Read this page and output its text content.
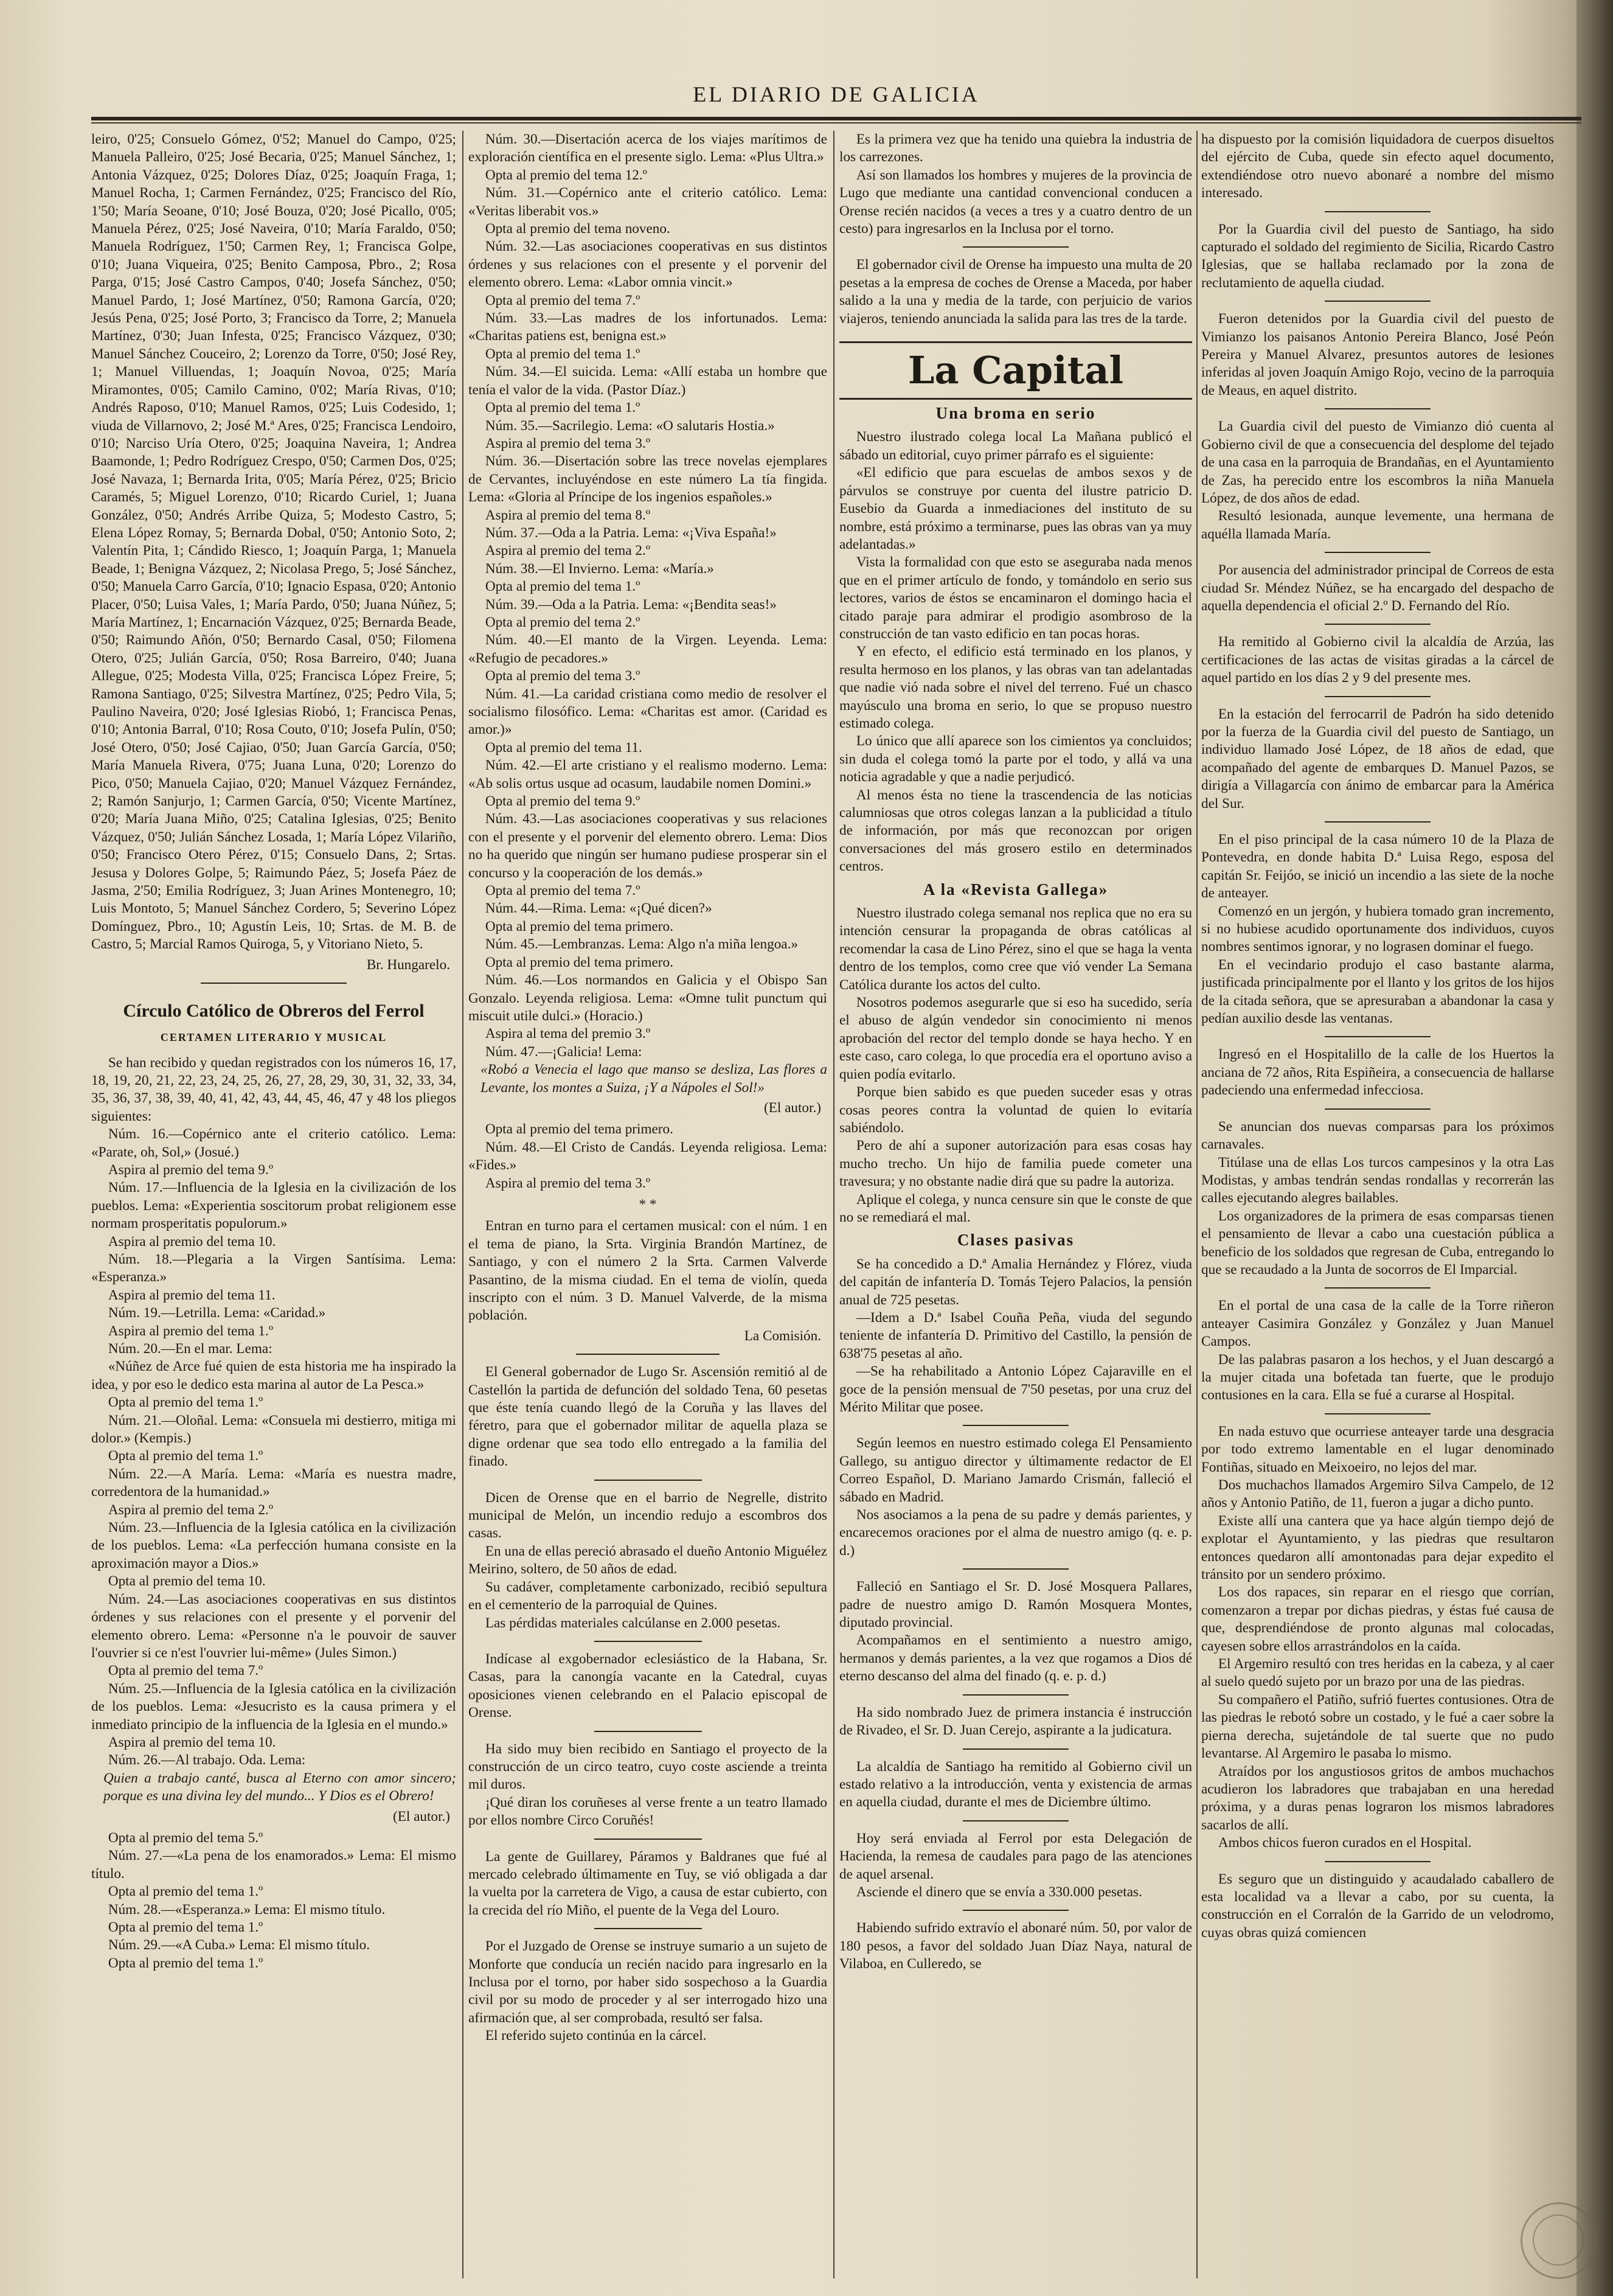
EL DIARIO DE GALICIA

leiro, 0'25; Consuelo Gómez, 0'52; Manuel do Campo, 0'25; Manuela Palleiro, 0'25; José Becaria, 0'25; Manuel Sánchez, 1; Antonia Vázquez, 0'25; Dolores Díaz, 0'25; Joaquín Fraga, 1; Manuel Rocha, 1; Carmen Fernández, 0'25; Francisco del Río, 1'50; María Seoane, 0'10; José Bouza, 0'20; José Picallo, 0'05; Manuela Pérez, 0'25; José Naveira, 0'10; María Faraldo, 0'50; Manuela Rodríguez, 1'50; Carmen Rey, 1; Francisca Golpe, 0'10; Juana Viqueira, 0'25; Benito Camposa, Pbro., 2; Rosa Parga, 0'15; José Castro Campos, 0'40; Josefa Sánchez, 0'50; Manuel Pardo, 1; José Martínez, 0'50; Ramona García, 0'20; Jesús Pena, 0'25; José Porto, 3; Francisco da Torre, 2; Manuela Martínez, 0'30; Juan Infesta, 0'25; Francisco Vázquez, 0'30; Manuel Sánchez Couceiro, 2; Lorenzo da Torre, 0'50; José Rey, 1; Manuel Villuendas, 1; Joaquín Novoa, 0'25; María Miramontes, 0'05; Camilo Camino, 0'02; María Rivas, 0'10; Andrés Raposo, 0'10; Manuel Ramos, 0'25; Luis Codesido, 1; viuda de Villarnovo, 2; José M.ª Ares, 0'25; Francisca Lendoiro, 0'10; Narciso Uría Otero, 0'25; Joaquina Naveira, 1; Andrea Baamonde, 1; Pedro Rodríguez Crespo, 0'50; Carmen Dos, 0'25; José Navaza, 1; Bernarda Irita, 0'05; María Pérez, 0'25; Bricio Caramés, 5; Miguel Lorenzo, 0'10; Ricardo Curiel, 1; Juana González, 0'50; Andrés Arribe Quiza, 5; Modesto Castro, 5; Elena López Romay, 5; Bernarda Dobal, 0'50; Antonio Soto, 2; Valentín Pita, 1; Cándido Riesco, 1; Joaquín Parga, 1; Manuela Beade, 1; Benigna Vázquez, 2; Nicolasa Prego, 5; José Sánchez, 0'50; Manuela Carro García, 0'10; Ignacio Espasa, 0'20; Antonio Placer, 0'50; Luisa Vales, 1; María Pardo, 0'50; Juana Núñez, 5; María Martínez, 1; Encarnación Vázquez, 0'25; Bernarda Beade, 0'50; Raimundo Añón, 0'50; Bernardo Casal, 0'50; Filomena Otero, 0'25; Julián García, 0'50; Rosa Barreiro, 0'40; Juana Allegue, 0'25; Modesta Villa, 0'25; Francisca López Freire, 5; Ramona Santiago, 0'25; Silvestra Martínez, 0'25; Pedro Vila, 5; Paulino Naveira, 0'20; José Iglesias Riobó, 1; Francisca Penas, 0'10; Antonia Barral, 0'10; Rosa Couto, 0'10; Josefa Pulín, 0'50; José Otero, 0'50; José Cajiao, 0'50; Juan García García, 0'50; María Manuela Rivera, 0'75; Juana Luna, 0'20; Lorenzo do Pico, 0'50; Manuela Cajiao, 0'20; Manuel Vázquez Fernández, 2; Ramón Sanjurjo, 1; Carmen García, 0'50; Vicente Martínez, 0'20; María Juana Miño, 0'25; Catalina Iglesias, 0'25; Benito Vázquez, 0'50; Julián Sánchez Losada, 1; María López Vilariño, 0'50; Francisco Otero Pérez, 0'15; Consuelo Dans, 2; Srtas. Jesusa y Dolores Golpe, 5; Raimundo Páez, 5; Josefa Páez de Jasma, 2'50; Emilia Rodríguez, 3; Juan Arines Montenegro, 10; Luis Montoto, 5; Manuel Sánchez Cordero, 5; Severino López Domínguez, Pbro., 10; Agustín Leis, 10; Srtas. de M. B. de Castro, 5; Marcial Ramos Quiroga, 5, y Vitoriano Nieto, 5.

Br. Hungarelo.

Círculo Católico de Obreros del Ferrol

CERTAMEN LITERARIO Y MUSICAL

Se han recibido y quedan registrados con los números 16, 17, 18, 19, 20, 21, 22, 23, 24, 25, 26, 27, 28, 29, 30, 31, 32, 33, 34, 35, 36, 37, 38, 39, 40, 41, 42, 43, 44, 45, 46, 47 y 48 los pliegos siguientes:

Núm. 16.—Copérnico ante el criterio católico. Lema: «Parate, oh, Sol,» (Josué.)

Aspira al premio del tema 9.º

Núm. 17.—Influencia de la Iglesia en la civilización de los pueblos. Lema: «Experientia soscitorum probat religionem esse normam prosperitatis populorum.»

Aspira al premio del tema 10.

Núm. 18.—Plegaria a la Virgen Santísima. Lema: «Esperanza.»

Aspira al premio del tema 11.

Núm. 19.—Letrilla. Lema: «Caridad.»

Aspira al premio del tema 1.º

Núm. 20.—En el mar. Lema:

«Núñez de Arce fué quien de esta historia me ha inspirado la idea, y por eso le dedico esta marina al autor de La Pesca.»

Opta al premio del tema 1.º

Núm. 21.—Oloñal. Lema: «Consuela mi destierro, mitiga mi dolor.» (Kempis.)

Opta al premio del tema 1.º

Núm. 22.—A María. Lema: «María es nuestra madre, corredentora de la humanidad.»

Aspira al premio del tema 2.º

Núm. 23.—Influencia de la Iglesia católica en la civilización de los pueblos. Lema: «La perfección humana consiste en la aproximación mayor a Dios.»

Opta al premio del tema 10.

Núm. 24.—Las asociaciones cooperativas en sus distintos órdenes y sus relaciones con el presente y el porvenir del elemento obrero. Lema: «Personne n'a le pouvoir de sauver l'ouvrier si ce n'est l'ouvrier lui-même» (Jules Simon.)

Opta al premio del tema 7.º

Núm. 25.—Influencia de la Iglesia católica en la civilización de los pueblos. Lema: «Jesucristo es la causa primera y el inmediato principio de la influencia de la Iglesia en el mundo.»

Aspira al premio del tema 10.

Núm. 26.—Al trabajo. Oda. Lema:

Quien a trabajo canté, busca al Eterno con amor sincero; porque es una divina ley del mundo... Y Dios es el Obrero!

(El autor.)

Opta al premio del tema 5.º

Núm. 27.—«La pena de los enamorados.» Lema: El mismo título.

Opta al premio del tema 1.º

Núm. 28.—«Esperanza.» Lema: El mismo título.

Opta al premio del tema 1.º

Núm. 29.—«A Cuba.» Lema: El mismo título.

Opta al premio del tema 1.º

Núm. 30.—Disertación acerca de los viajes marítimos de exploración científica en el presente siglo. Lema: «Plus Ultra.»

Opta al premio del tema 12.º

Núm. 31.—Copérnico ante el criterio católico. Lema: «Veritas liberabit vos.»

Opta al premio del tema noveno.

Núm. 32.—Las asociaciones cooperativas en sus distintos órdenes y sus relaciones con el presente y el porvenir del elemento obrero. Lema: «Labor omnia vincit.»

Opta al premio del tema 7.º

Núm. 33.—Las madres de los infortunados. Lema: «Charitas patiens est, benigna est.»

Opta al premio del tema 1.º

Núm. 34.—El suicida. Lema: «Allí estaba un hombre que tenía el valor de la vida. (Pastor Díaz.)

Opta al premio del tema 1.º

Núm. 35.—Sacrilegio. Lema: «O salutaris Hostia.»

Aspira al premio del tema 3.º

Núm. 36.—Disertación sobre las trece novelas ejemplares de Cervantes, incluyéndose en este número La tía fingida. Lema: «Gloria al Príncipe de los ingenios españoles.»

Aspira al premio del tema 8.º

Núm. 37.—Oda a la Patria. Lema: «¡Viva España!»

Aspira al premio del tema 2.º

Núm. 38.—El Invierno. Lema: «María.»

Opta al premio del tema 1.º

Núm. 39.—Oda a la Patria. Lema: «¡Bendita seas!»

Opta al premio del tema 2.º

Núm. 40.—El manto de la Virgen. Leyenda. Lema: «Refugio de pecadores.»

Opta al premio del tema 3.º

Núm. 41.—La caridad cristiana como medio de resolver el socialismo filosófico. Lema: «Charitas est amor. (Caridad es amor.)»

Opta al premio del tema 11.

Núm. 42.—El arte cristiano y el realismo moderno. Lema: «Ab solis ortus usque ad ocasum, laudabile nomen Domini.»

Opta al premio del tema 9.º

Núm. 43.—Las asociaciones cooperativas y sus relaciones con el presente y el porvenir del elemento obrero. Lema: Dios no ha querido que ningún ser humano pudiese prosperar sin el concurso y la cooperación de los demás.»

Opta al premio del tema 7.º

Núm. 44.—Rima. Lema: «¡Qué dicen?»

Opta al premio del tema primero.

Núm. 45.—Lembranzas. Lema: Algo n'a miña lengoa.»

Opta al premio del tema primero.

Núm. 46.—Los normandos en Galicia y el Obispo San Gonzalo. Leyenda religiosa. Lema: «Omne tulit punctum qui miscuit utile dulci.» (Horacio.)

Aspira al tema del premio 3.º

Núm. 47.—¡Galicia! Lema:

«Robó a Venecia el lago que manso se desliza, Las flores a Levante, los montes a Suiza, ¡Y a Nápoles el Sol!»

(El autor.)

Opta al premio del tema primero.

Núm. 48.—El Cristo de Candás. Leyenda religiosa. Lema: «Fides.»

Aspira al premio del tema 3.º

* *

Entran en turno para el certamen musical: con el núm. 1 en el tema de piano, la Srta. Virginia Brandón Martínez, de Santiago, y con el número 2 la Srta. Carmen Valverde Pasantino, de la misma ciudad. En el tema de violín, queda inscripto con el núm. 3 D. Manuel Valverde, de la misma población.

La Comisión.

El General gobernador de Lugo Sr. Ascensión remitió al de Castellón la partida de defunción del soldado Tena, 60 pesetas que éste tenía cuando llegó de la Coruña y las llaves del féretro, para que el gobernador militar de aquella plaza se digne ordenar que sea todo ello entregado a la familia del finado.

Dicen de Orense que en el barrio de Negrelle, distrito municipal de Melón, un incendio redujo a escombros dos casas.

En una de ellas pereció abrasado el dueño Antonio Miguélez Meirino, soltero, de 50 años de edad.

Su cadáver, completamente carbonizado, recibió sepultura en el cementerio de la parroquial de Quines.

Las pérdidas materiales calcúlanse en 2.000 pesetas.

Indícase al exgobernador eclesiástico de la Habana, Sr. Casas, para la canongía vacante en la Catedral, cuyas oposiciones vienen celebrando en el Palacio episcopal de Orense.

Ha sido muy bien recibido en Santiago el proyecto de la construcción de un circo teatro, cuyo coste asciende a treinta mil duros.

¡Qué diran los coruñeses al verse frente a un teatro llamado por ellos nombre Circo Coruñés!

La gente de Guillarey, Páramos y Baldranes que fué al mercado celebrado últimamente en Tuy, se vió obligada a dar la vuelta por la carretera de Vigo, a causa de estar cubierto, con la crecida del río Miño, el puente de la Vega del Louro.

Por el Juzgado de Orense se instruye sumario a un sujeto de Monforte que conducía un recién nacido para ingresarlo en la Inclusa por el torno, por haber sido sospechoso a la Guardia civil por su modo de proceder y al ser interrogado hizo una afirmación que, al ser comprobada, resultó ser falsa.

El referido sujeto continúa en la cárcel.

Es la primera vez que ha tenido una quiebra la industria de los carrezones.

Así son llamados los hombres y mujeres de la provincia de Lugo que mediante una cantidad convencional conducen a Orense recién nacidos (a veces a tres y a cuatro dentro de un cesto) para ingresarlos en la Inclusa por el torno.

El gobernador civil de Orense ha impuesto una multa de 20 pesetas a la empresa de coches de Orense a Maceda, por haber salido a la una y media de la tarde, con perjuicio de varios viajeros, teniendo anunciada la salida para las tres de la tarde.

La Capital

Una broma en serio

Nuestro ilustrado colega local La Mañana publicó el sábado un editorial, cuyo primer párrafo es el siguiente:

«El edificio que para escuelas de ambos sexos y de párvulos se construye por cuenta del ilustre patricio D. Eusebio da Guarda a inmediaciones del instituto de su nombre, está próximo a terminarse, pues las obras van ya muy adelantadas.»

Vista la formalidad con que esto se aseguraba nada menos que en el primer artículo de fondo, y tomándolo en serio sus lectores, varios de éstos se encaminaron el domingo hacia el citado paraje para admirar el prodigio asombroso de la construcción de tan vasto edificio en tan pocas horas.

Y en efecto, el edificio está terminado en los planos, y resulta hermoso en los planos, y las obras van tan adelantadas que nadie vió nada sobre el nivel del terreno. Fué un chasco mayúsculo una broma en serio, lo que se propuso nuestro estimado colega.

Lo único que allí aparece son los cimientos ya concluidos; sin duda el colega tomó la parte por el todo, y allá va una noticia agradable y que a nadie perjudicó.

Al menos ésta no tiene la trascendencia de las noticias calumniosas que otros colegas lanzan a la publicidad a título de información, por más que reconozcan por origen conversaciones del más grosero estilo en determinados centros.

A la «Revista Gallega»

Nuestro ilustrado colega semanal nos replica que no era su intención censurar la propaganda de obras católicas al recomendar la casa de Lino Pérez, sino el que se haga la venta dentro de los templos, como cree que vió vender La Semana Católica durante los actos del culto.

Nosotros podemos asegurarle que si eso ha sucedido, sería el abuso de algún vendedor sin conocimiento ni menos aprobación del rector del templo donde se haya hecho. Y en este caso, caro colega, lo que procedía era el oportuno aviso a quien podía evitarlo.

Porque bien sabido es que pueden suceder esas y otras cosas peores contra la voluntad de quien lo evitaría sabiéndolo.

Pero de ahí a suponer autorización para esas cosas hay mucho trecho. Un hijo de familia puede cometer una travesura; y no obstante nadie dirá que su padre la autoriza.

Aplique el colega, y nunca censure sin que le conste de que no se remediará el mal.

Clases pasivas

Se ha concedido a D.ª Amalia Hernández y Flórez, viuda del capitán de infantería D. Tomás Tejero Palacios, la pensión anual de 725 pesetas.

—Idem a D.ª Isabel Couña Peña, viuda del segundo teniente de infantería D. Primitivo del Castillo, la pensión de 638'75 pesetas al año.

—Se ha rehabilitado a Antonio López Cajaraville en el goce de la pensión mensual de 7'50 pesetas, por una cruz del Mérito Militar que posee.

Según leemos en nuestro estimado colega El Pensamiento Gallego, su antiguo director y últimamente redactor de El Correo Español, D. Mariano Jamardo Crismán, falleció el sábado en Madrid.

Nos asociamos a la pena de su padre y demás parientes, y encarecemos oraciones por el alma de nuestro amigo (q. e. p. d.)

Falleció en Santiago el Sr. D. José Mosquera Pallares, padre de nuestro amigo D. Ramón Mosquera Montes, diputado provincial.

Acompañamos en el sentimiento a nuestro amigo, hermanos y demás parientes, a la vez que rogamos a Dios dé eterno descanso del alma del finado (q. e. p. d.)

Ha sido nombrado Juez de primera instancia é instrucción de Rivadeo, el Sr. D. Juan Cerejo, aspirante a la judicatura.

La alcaldía de Santiago ha remitido al Gobierno civil un estado relativo a la introducción, venta y existencia de armas en aquella ciudad, durante el mes de Diciembre último.

Hoy será enviada al Ferrol por esta Delegación de Hacienda, la remesa de caudales para pago de las atenciones de aquel arsenal.

Asciende el dinero que se envía a 330.000 pesetas.

Habiendo sufrido extravío el abonaré núm. 50, por valor de 180 pesos, a favor del soldado Juan Díaz Naya, natural de Vilaboa, en Culleredo, se

ha dispuesto por la comisión liquidadora de cuerpos disueltos del ejército de Cuba, quede sin efecto aquel documento, extendiéndose otro nuevo abonaré a nombre del mismo interesado.

Por la Guardia civil del puesto de Santiago, ha sido capturado el soldado del regimiento de Sicilia, Ricardo Castro Iglesias, que se hallaba reclamado por la zona de reclutamiento de aquella ciudad.

Fueron detenidos por la Guardia civil del puesto de Vimianzo los paisanos Antonio Pereira Blanco, José Peón Pereira y Manuel Alvarez, presuntos autores de lesiones inferidas al joven Joaquín Amigo Rojo, vecino de la parroquia de Meaus, en aquel distrito.

La Guardia civil del puesto de Vimianzo dió cuenta al Gobierno civil de que a consecuencia del desplome del tejado de una casa en la parroquia de Brandañas, en el Ayuntamiento de Zas, ha perecido entre los escombros la niña Manuela López, de dos años de edad.

Resultó lesionada, aunque levemente, una hermana de aquélla llamada María.

Por ausencia del administrador principal de Correos de esta ciudad Sr. Méndez Núñez, se ha encargado del despacho de aquella dependencia el oficial 2.º D. Fernando del Río.

Ha remitido al Gobierno civil la alcaldía de Arzúa, las certificaciones de las actas de visitas giradas a la cárcel de aquel partido en los días 2 y 9 del presente mes.

En la estación del ferrocarril de Padrón ha sido detenido por la fuerza de la Guardia civil del puesto de Santiago, un individuo llamado José López, de 18 años de edad, que acompañado del agente de embarques D. Manuel Pazos, se dirigía a Villagarcía con ánimo de embarcar para la América del Sur.

En el piso principal de la casa número 10 de la Plaza de Pontevedra, en donde habita D.ª Luisa Rego, esposa del capitán Sr. Feijóo, se inició un incendio a las siete de la noche de anteayer.

Comenzó en un jergón, y hubiera tomado gran incremento, si no hubiese acudido oportunamente dos individuos, cuyos nombres sentimos ignorar, y no lograsen dominar el fuego.

En el vecindario produjo el caso bastante alarma, justificada principalmente por el llanto y los gritos de los hijos de la citada señora, que se apresuraban a abandonar la casa y pedían auxilio desde las ventanas.

Ingresó en el Hospitalillo de la calle de los Huertos la anciana de 72 años, Rita Espiñeira, a consecuencia de hallarse padeciendo una enfermedad infecciosa.

Se anuncian dos nuevas comparsas para los próximos carnavales.

Titúlase una de ellas Los turcos campesinos y la otra Las Modistas, y ambas tendrán sendas rondallas y recorrerán las calles ejecutando alegres bailables.

Los organizadores de la primera de esas comparsas tienen el pensamiento de llevar a cabo una cuestación pública a beneficio de los soldados que regresan de Cuba, entregando lo que se recaudado a la Junta de socorros de El Imparcial.

En el portal de una casa de la calle de la Torre riñeron anteayer Casimira González y González y Juan Manuel Campos.

De las palabras pasaron a los hechos, y el Juan descargó a la mujer citada una bofetada tan fuerte, que le produjo contusiones en la cara. Ella se fué a curarse al Hospital.

En nada estuvo que ocurriese anteayer tarde una desgracia por todo extremo lamentable en el lugar denominado Fontiñas, situado en Meixoeiro, no lejos del mar.

Dos muchachos llamados Argemiro Silva Campelo, de 12 años y Antonio Patiño, de 11, fueron a jugar a dicho punto.

Existe allí una cantera que ya hace algún tiempo dejó de explotar el Ayuntamiento, y las piedras que resultaron entonces quedaron allí amontonadas para dejar expedito el tránsito por un sendero próximo.

Los dos rapaces, sin reparar en el riesgo que corrían, comenzaron a trepar por dichas piedras, y éstas fué causa de que, desprendiéndose de pronto algunas mal colocadas, cayesen sobre ellos arrastrándolos en la caída.

El Argemiro resultó con tres heridas en la cabeza, y al caer al suelo quedó sujeto por un brazo por una de las piedras.

Su compañero el Patiño, sufrió fuertes contusiones. Otra de las piedras le rebotó sobre un costado, y le fué a caer sobre la pierna derecha, sujetándole de tal suerte que no pudo levantarse. Al Argemiro le pasaba lo mismo.

Atraídos por los angustiosos gritos de ambos muchachos acudieron los labradores que trabajaban en una heredad próxima, y a duras penas lograron los mismos labradores sacarlos de allí.

Ambos chicos fueron curados en el Hospital.

Es seguro que un distinguido y acaudalado caballero de esta localidad va a llevar a cabo, por su cuenta, la construcción en el Corralón de la Garrido de un velodromo, cuyas obras quizá comiencen
